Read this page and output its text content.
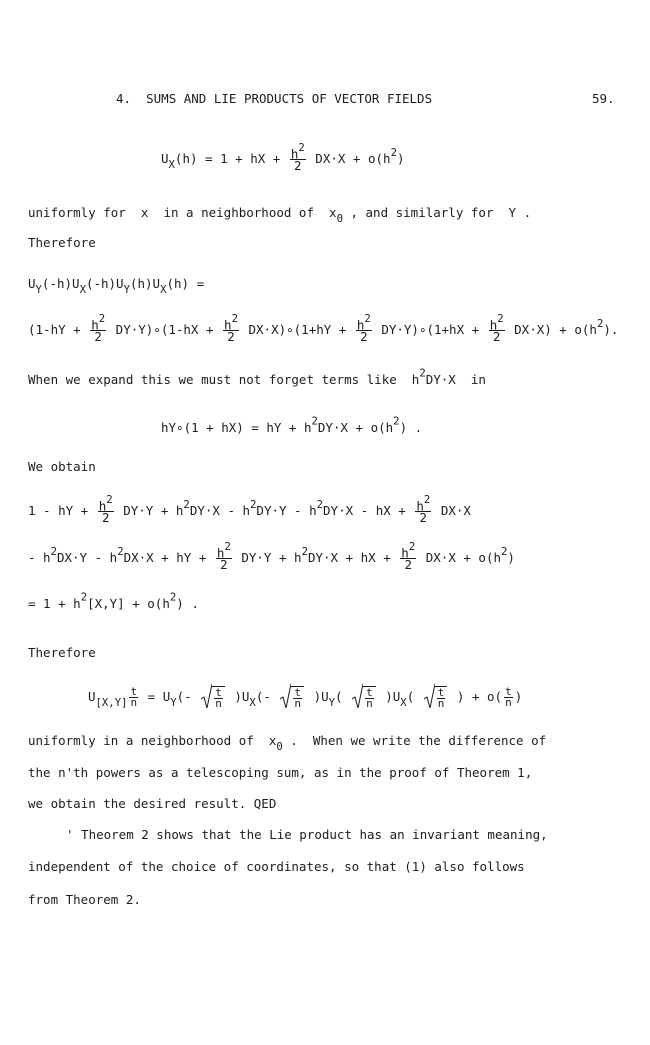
4. SUMS AND LIE PRODUCTS OF VECTOR FIELDS	59.
$U_X(h) = 1$ + hX + $\frac{h^2}{2} DX\cdot X + o(h^2)$
uniformly for  x  in a neighborhood of  $x_0$ , and similarly for  Y .
Therefore
$U_Y(-h)U_X(-h)U_Y(h)U_X(h)$ =
($1-hY + \frac{h^2}{2}$ DY·Y)∘(1-hX + $\frac{h^2}{2}$ DX·X)∘(1+hY + $\frac{h^2}{2}$ DY·Y)∘(1+hX + $\frac{h^2}{2} DX\cdot X) + o(h^2)$.
When we expand this we must not forget terms like  $h^2DY\cdot X$  in
hY∘(1 + hX) = hY + $h^2DY\cdot X + o(h^2)$ .
We obtain
1 - hY + $\frac{h^2}{2} DY\cdot Y + h^2DY\cdot X - h^2DY\cdot Y - h^2DY\cdot X$ - hX + $\frac{h^2}{2} DX\cdot X$
- $h^2DX\cdot Y - h^2DX\cdot X$ + hY + $\frac{h^2}{2} DY\cdot Y + h^2DY\cdot X$ + hX + $\frac{h^2}{2} DX\cdot X + o(h^2)$
= $1 + h^2[X,Y] + o(h^2)$ .
Therefore
$U_{[X,Y]} \frac{t}{n} = U_Y(- \frac{t}{n} )U_X(- \frac{t}{n} )U_Y( \frac{t}{n} )U_X( \frac{t}{n}$ ) + $o( \frac{t}{n}$ )
uniformly in a neighborhood of  $x_0$ .  When we write the difference of
the n'th powers as a telescoping sum, as in the proof of Theorem 1,
we obtain the desired result. QED
' Theorem 2 shows that the Lie product has an invariant meaning,
independent of the choice of coordinates, so that (1) also follows
from Theorem 2.
